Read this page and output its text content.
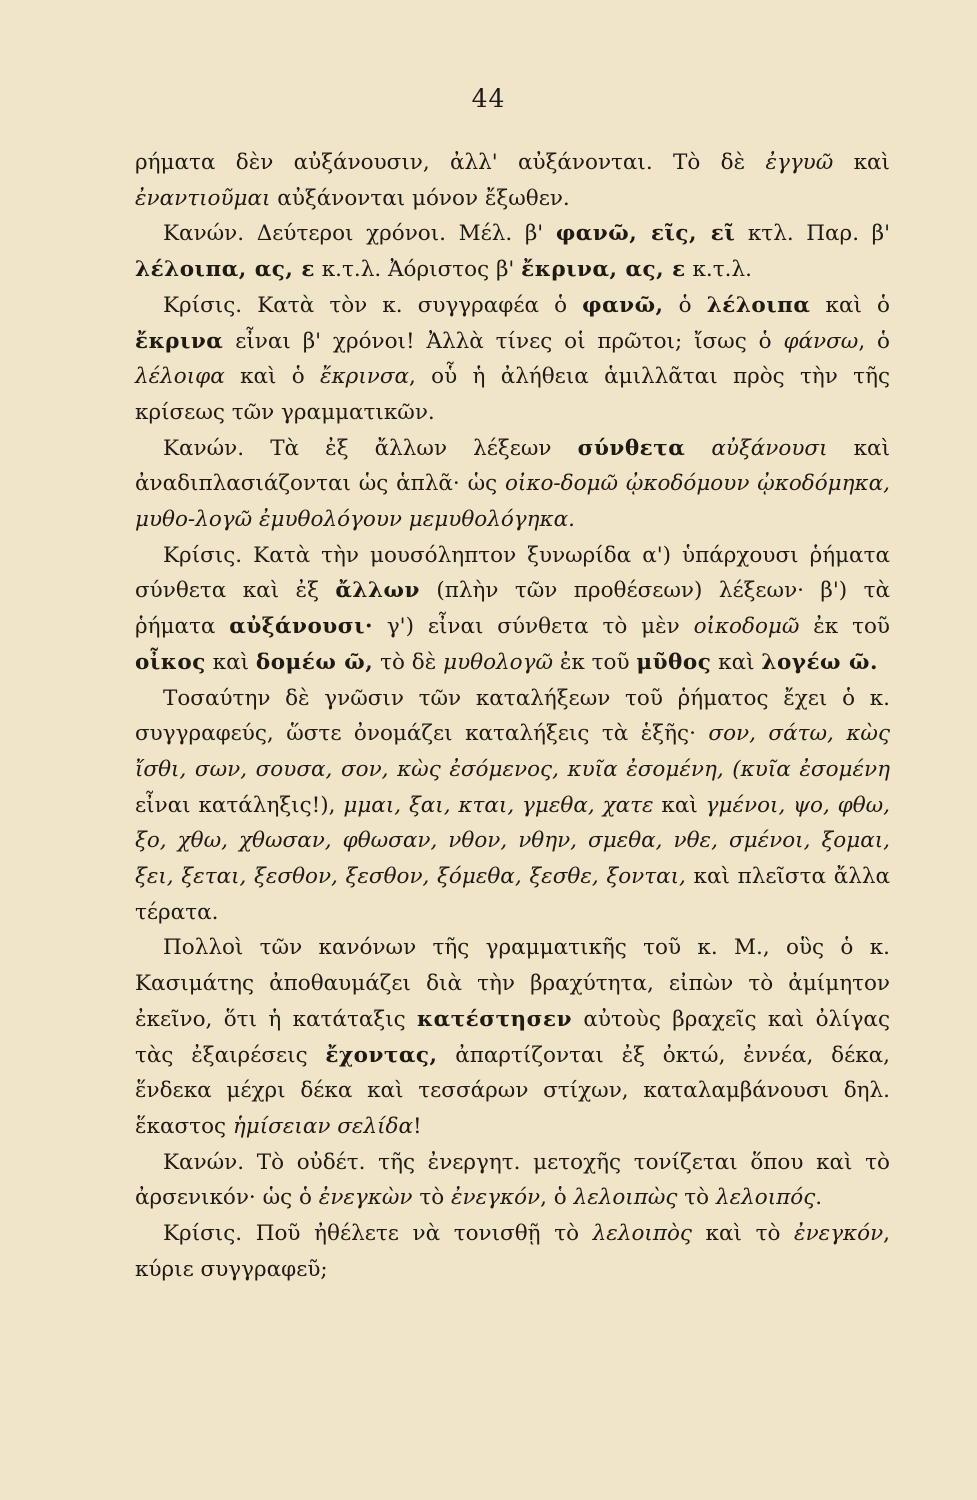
44

ρήματα δὲν αὐξάνουσιν, ἀλλ' αὐξάνονται. Τὸ δὲ ἐγγυῶ καὶ ἐναντιοῦμαι αὐξάνονται μόνον ἔξωθεν.

Κανών. Δεύτεροι χρόνοι. Μέλ. β' φανῶ, εῖς, εῖ κτλ. Παρ. β' λέλοιπα, ας, ε κ.τ.λ. Ἀόριστος β' ἔκρινα, ας, ε κ.τ.λ.

Κρίσις. Κατὰ τὸν κ. συγγραφέα ὁ φανῶ, ὁ λέλοιπα καὶ ὁ ἔκρινα εἶναι β' χρόνοι! Ἀλλὰ τίνες οἱ πρῶτοι; ἴσως ὁ φάνσω, ὁ λέλοιφα καὶ ὁ ἔκρινσα, οὗ ἡ ἀλήθεια ἁμιλλᾶται πρὸς τὴν τῆς κρίσεως τῶν γραμματικῶν.

Κανών. Τὰ ἐξ ἄλλων λέξεων σύνθετα αὐξάνουσι καὶ ἀναδιπλασιάζονται ὡς ἁπλᾶ· ὡς οἰκο-δομῶ ᾠκοδόμουν ᾠκοδόμηκα, μυθο-λογῶ ἐμυθολόγουν μεμυθολόγηκα.

Κρίσις. Κατὰ τὴν μουσόληπτον ξυνωρίδα α') ὑπάρχουσι ῥήματα σύνθετα καὶ ἐξ ἄλλων (πλὴν τῶν προθέσεων) λέξεων· β') τὰ ῥήματα αὐξάνουσι· γ') εἶναι σύνθετα τὸ μὲν οἰκοδομῶ ἐκ τοῦ οἶκος καὶ δομέω ῶ, τὸ δὲ μυθολογῶ ἐκ τοῦ μῦθος καὶ λογέω ῶ.

Τοσαύτην δὲ γνῶσιν τῶν καταλήξεων τοῦ ῥήματος ἔχει ὁ κ. συγγραφεύς, ὥστε ὀνομάζει καταλήξεις τὰ ἑξῆς· σον, σάτω, κὼς ἴσθι, σων, σουσα, σον, κὼς ἐσόμενος, κυῖα ἐσομένη, (κυῖα ἐσομένη εἶναι κατάληξις!), μμαι, ξαι, κται, γμεθα, χατε καὶ γμένοι, ψο, φθω, ξο, χθω, χθωσαν, φθωσαν, νθον, νθην, σμεθα, νθε, σμένοι, ξομαι, ξει, ξεται, ξεσθον, ξεσθον, ξόμεθα, ξεσθε, ξονται, καὶ πλεῖστα ἄλλα τέρατα.

Πολλοὶ τῶν κανόνων τῆς γραμματικῆς τοῦ κ. Μ., οὓς ὁ κ. Κασιμάτης ἀποθαυμάζει διὰ τὴν βραχύτητα, εἰπὼν τὸ ἀμίμητον ἐκεῖνο, ὅτι ἡ κατάταξις κατέστησεν αὐτοὺς βραχεῖς καὶ ὀλίγας τὰς ἐξαιρέσεις ἔχοντας, ἀπαρτίζονται ἐξ ὀκτώ, ἐννέα, δέκα, ἕνδεκα μέχρι δέκα καὶ τεσσάρων στίχων, καταλαμβάνουσι δηλ. ἕκαστος ἡμίσειαν σελίδα!

Κανών. Τὸ οὐδέτ. τῆς ἐνεργητ. μετοχῆς τονίζεται ὅπου καὶ τὸ ἀρσενικόν· ὡς ὁ ἐνεγκὼν τὸ ἐνεγκόν, ὁ λελοιπὼς τὸ λελοιπός.

Κρίσις. Ποῦ ἠθέλετε νὰ τονισθῇ τὸ λελοιπὸς καὶ τὸ ἐνεγκόν, κύριε συγγραφεῦ;
